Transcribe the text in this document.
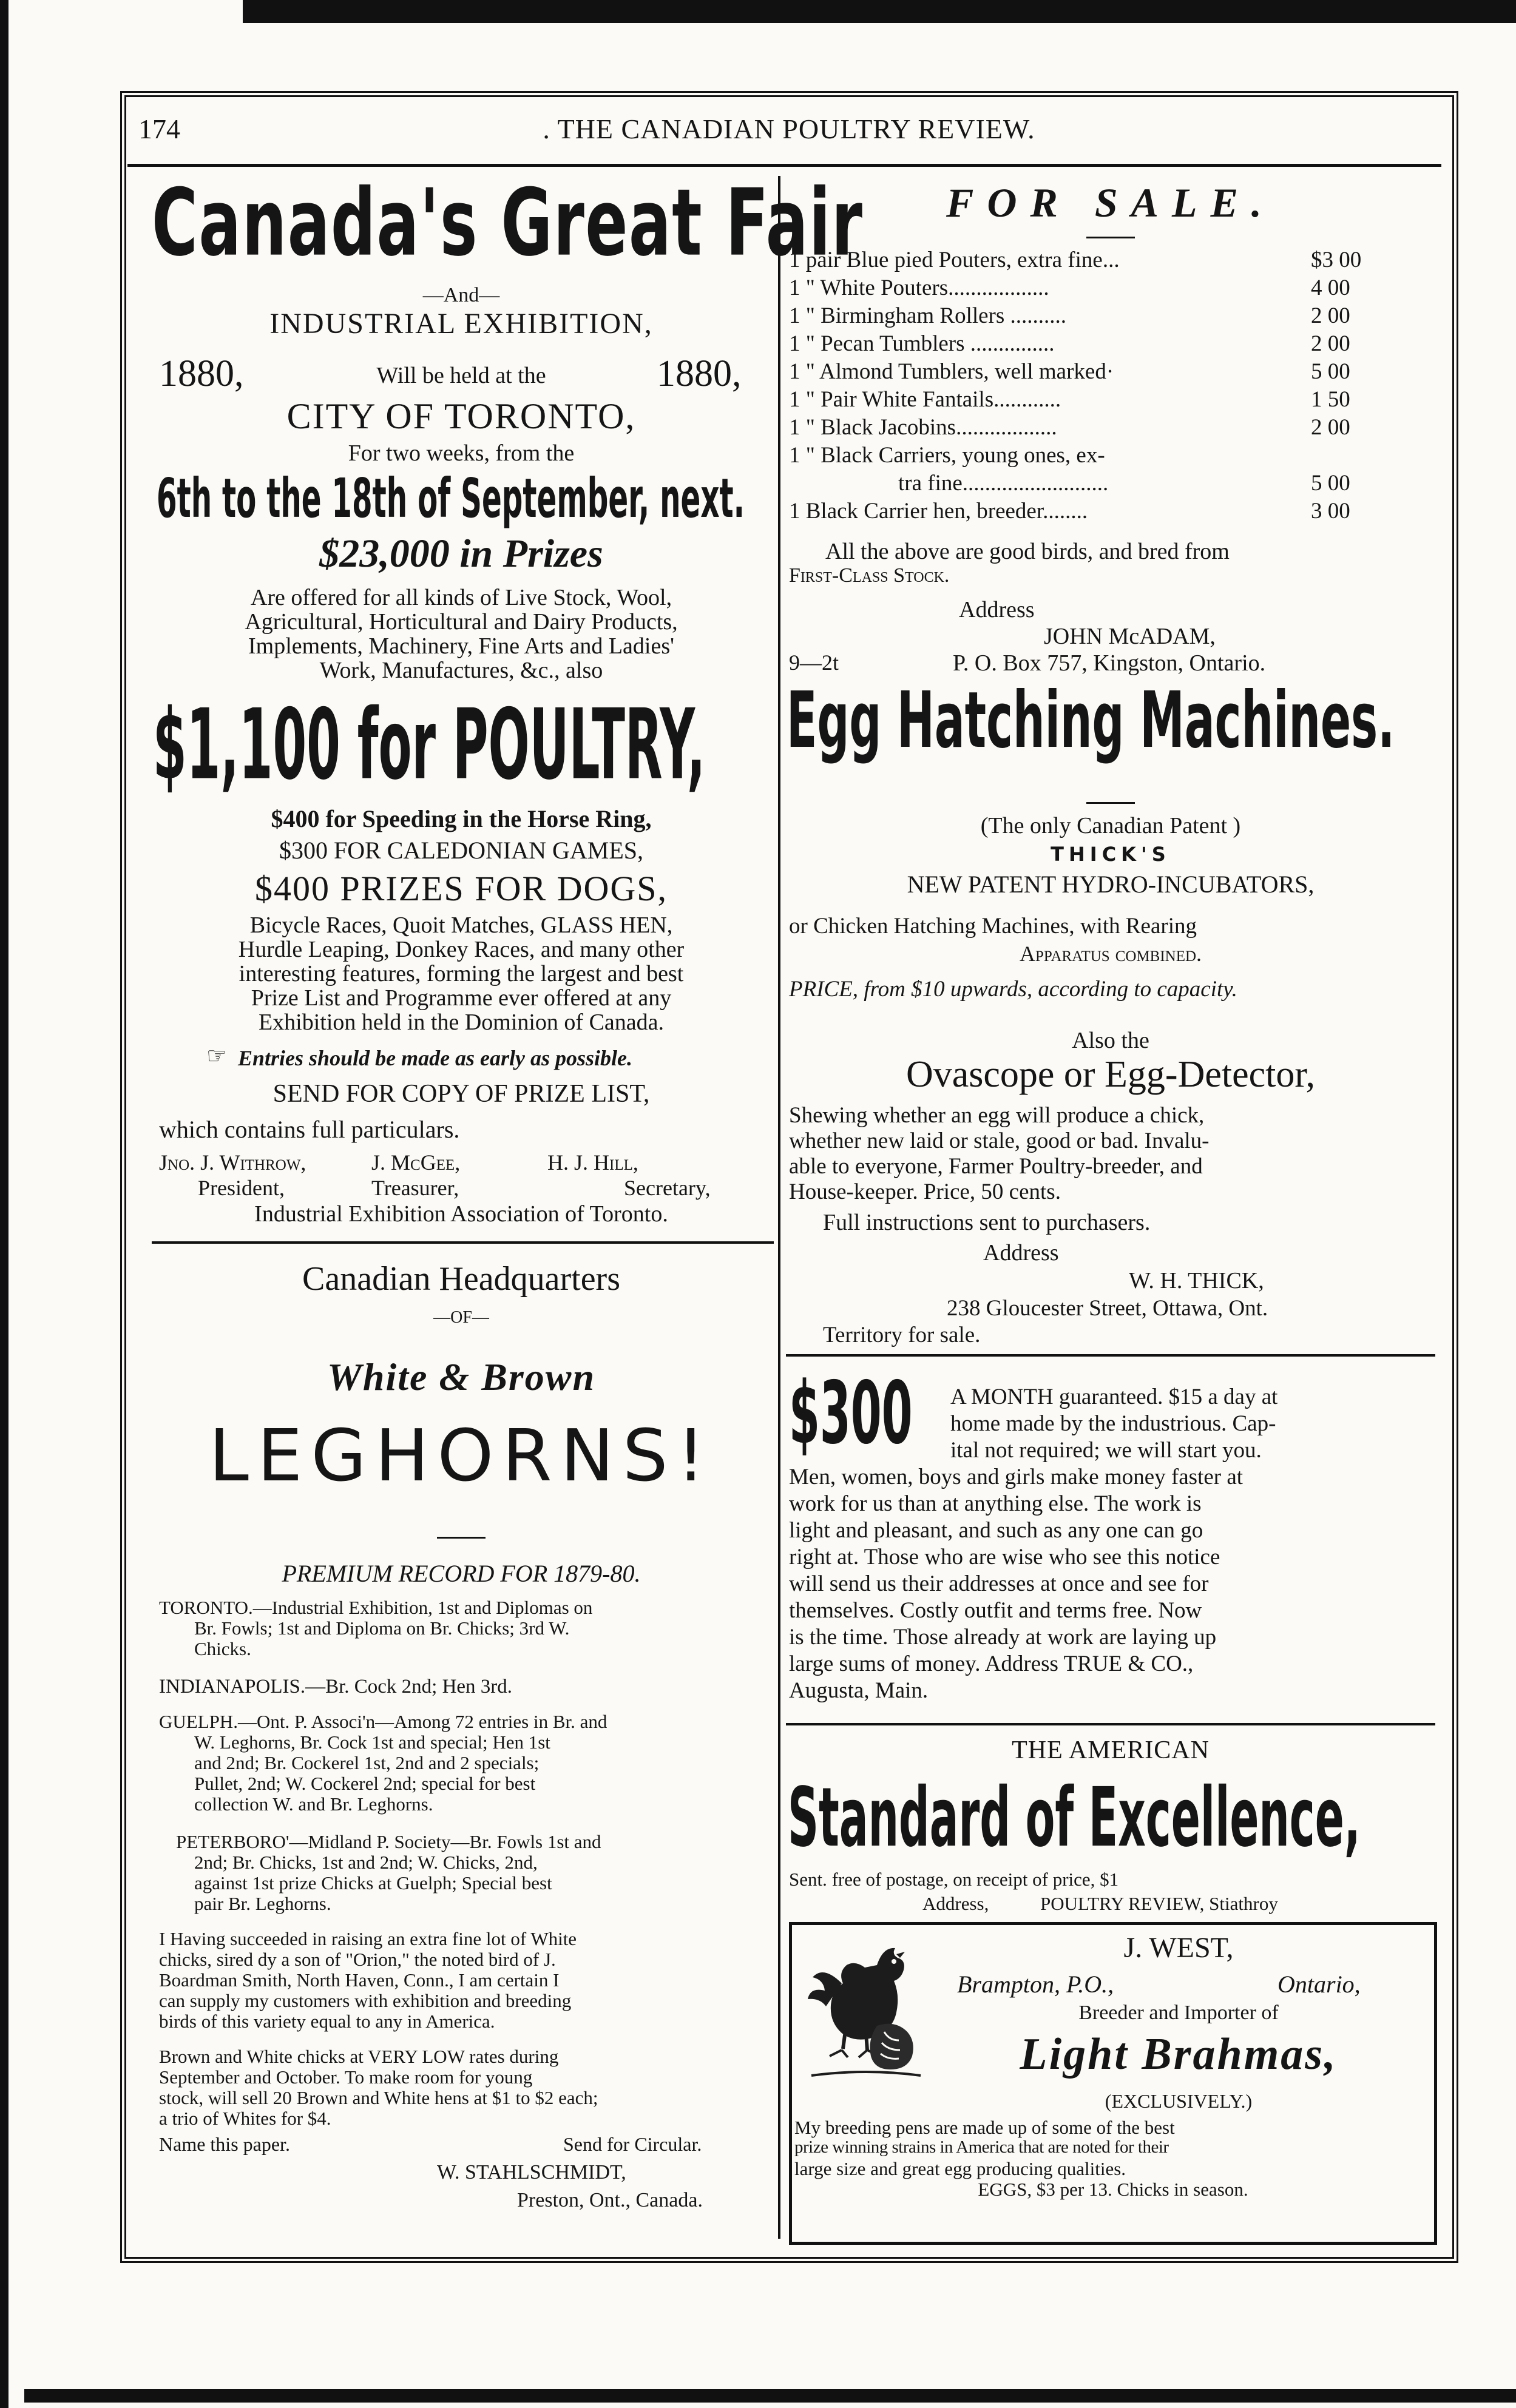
174	. THE CANADIAN POULTRY REVIEW.
Canada's Great Fair
—And—
INDUSTRIAL EXHIBITION,
1880,	Will be held at the	1880,
CITY OF TORONTO,
For two weeks, from the
6th to the 18th of September, next.
$23,000 in Prizes
Are offered for all kinds of Live Stock, Wool,
Agricultural, Horticultural and Dairy Products,
Implements, Machinery, Fine Arts and Ladies'
Work, Manufactures, &c., also
$1,100 for POULTRY,
$400 for Speeding in the Horse Ring,
$300 FOR CALEDONIAN GAMES,
$400 PRIZES FOR DOGS,
Bicycle Races, Quoit Matches, GLASS HEN,
Hurdle Leaping, Donkey Races, and many other
interesting features, forming the largest and best
Prize List and Programme ever offered at any
Exhibition held in the Dominion of Canada.
☞ Entries should be made as early as possible.
SEND FOR COPY OF PRIZE LIST,
which contains full particulars.
Jno. J. Withrow,	J. McGee,	H. J. Hill,
President,	Treasurer,	Secretary,
Industrial Exhibition Association of Toronto.
Canadian Headquarters
—OF—
White & Brown
LEGHORNS!
PREMIUM RECORD FOR 1879-80.
TORONTO.—Industrial Exhibition, 1st and Diplomas on
Br. Fowls; 1st and Diploma on Br. Chicks; 3rd W.
Chicks.
INDIANAPOLIS.—Br. Cock 2nd; Hen 3rd.
GUELPH.—Ont. P. Associ'n—Among 72 entries in Br. and
W. Leghorns, Br. Cock 1st and special; Hen 1st
and 2nd; Br. Cockerel 1st, 2nd and 2 specials;
Pullet, 2nd; W. Cockerel 2nd; special for best
collection W. and Br. Leghorns.
PETERBORO'—Midland P. Society—Br. Fowls 1st and
2nd; Br. Chicks, 1st and 2nd; W. Chicks, 2nd,
against 1st prize Chicks at Guelph; Special best
pair Br. Leghorns.
I Having succeeded in raising an extra fine lot of White
chicks, sired dy a son of "Orion," the noted bird of J.
Boardman Smith, North Haven, Conn., I am certain I
can supply my customers with exhibition and breeding
birds of this variety equal to any in America.
Brown and White chicks at VERY LOW rates during
September and October. To make room for young
stock, will sell 20 Brown and White hens at $1 to $2 each;
a trio of Whites for $4.
Name this paper.	Send for Circular.
W. STAHLSCHMIDT,
Preston, Ont., Canada.
FOR SALE.
1 pair Blue pied Pouters, extra fine...	$3 00
1 " White Pouters..................	4 00
1 " Birmingham Rollers ..........	2 00
1 " Pecan Tumblers ...............	2 00
1 " Almond Tumblers, well marked·	5 00
1 " Pair White Fantails............	1 50
1 " Black Jacobins..................	2 00
1 " Black Carriers, young ones, ex-
tra fine..........................	5 00
1 Black Carrier hen, breeder........	3 00
All the above are good birds, and bred from
First-Class Stock.
Address
JOHN McADAM,
9—2t	P. O. Box 757, Kingston, Ontario.
Egg Hatching Machines.
(The only Canadian Patent )
THICK'S
NEW PATENT HYDRO-INCUBATORS,
or Chicken Hatching Machines, with Rearing
Apparatus combined.
PRICE, from $10 upwards, according to capacity.
Also the
Ovascope or Egg-Detector,
Shewing whether an egg will produce a chick,
whether new laid or stale, good or bad. Invalu-
able to everyone, Farmer Poultry-breeder, and
House-keeper. Price, 50 cents.
Full instructions sent to purchasers.
Address
W. H. THICK,
238 Gloucester Street, Ottawa, Ont.
Territory for sale.
$300 A MONTH guaranteed. $15 a day at
home made by the industrious. Cap-
ital not required; we will start you.
Men, women, boys and girls make money faster at
work for us than at anything else. The work is
light and pleasant, and such as any one can go
right at. Those who are wise who see this notice
will send us their addresses at once and see for
themselves. Costly outfit and terms free. Now
is the time. Those already at work are laying up
large sums of money. Address TRUE & CO.,
Augusta, Main.
THE AMERICAN
Standard of Excellence,
Sent. free of postage, on receipt of price, $1
Address,	POULTRY REVIEW, Stiathroy
J. WEST,
Brampton, P.O.,	Ontario,
Breeder and Importer of
Light Brahmas,
(EXCLUSIVELY.)
My breeding pens are made up of some of the best
prize winning strains in America that are noted for their
large size and great egg producing qualities.
EGGS, $3 per 13. Chicks in season.
